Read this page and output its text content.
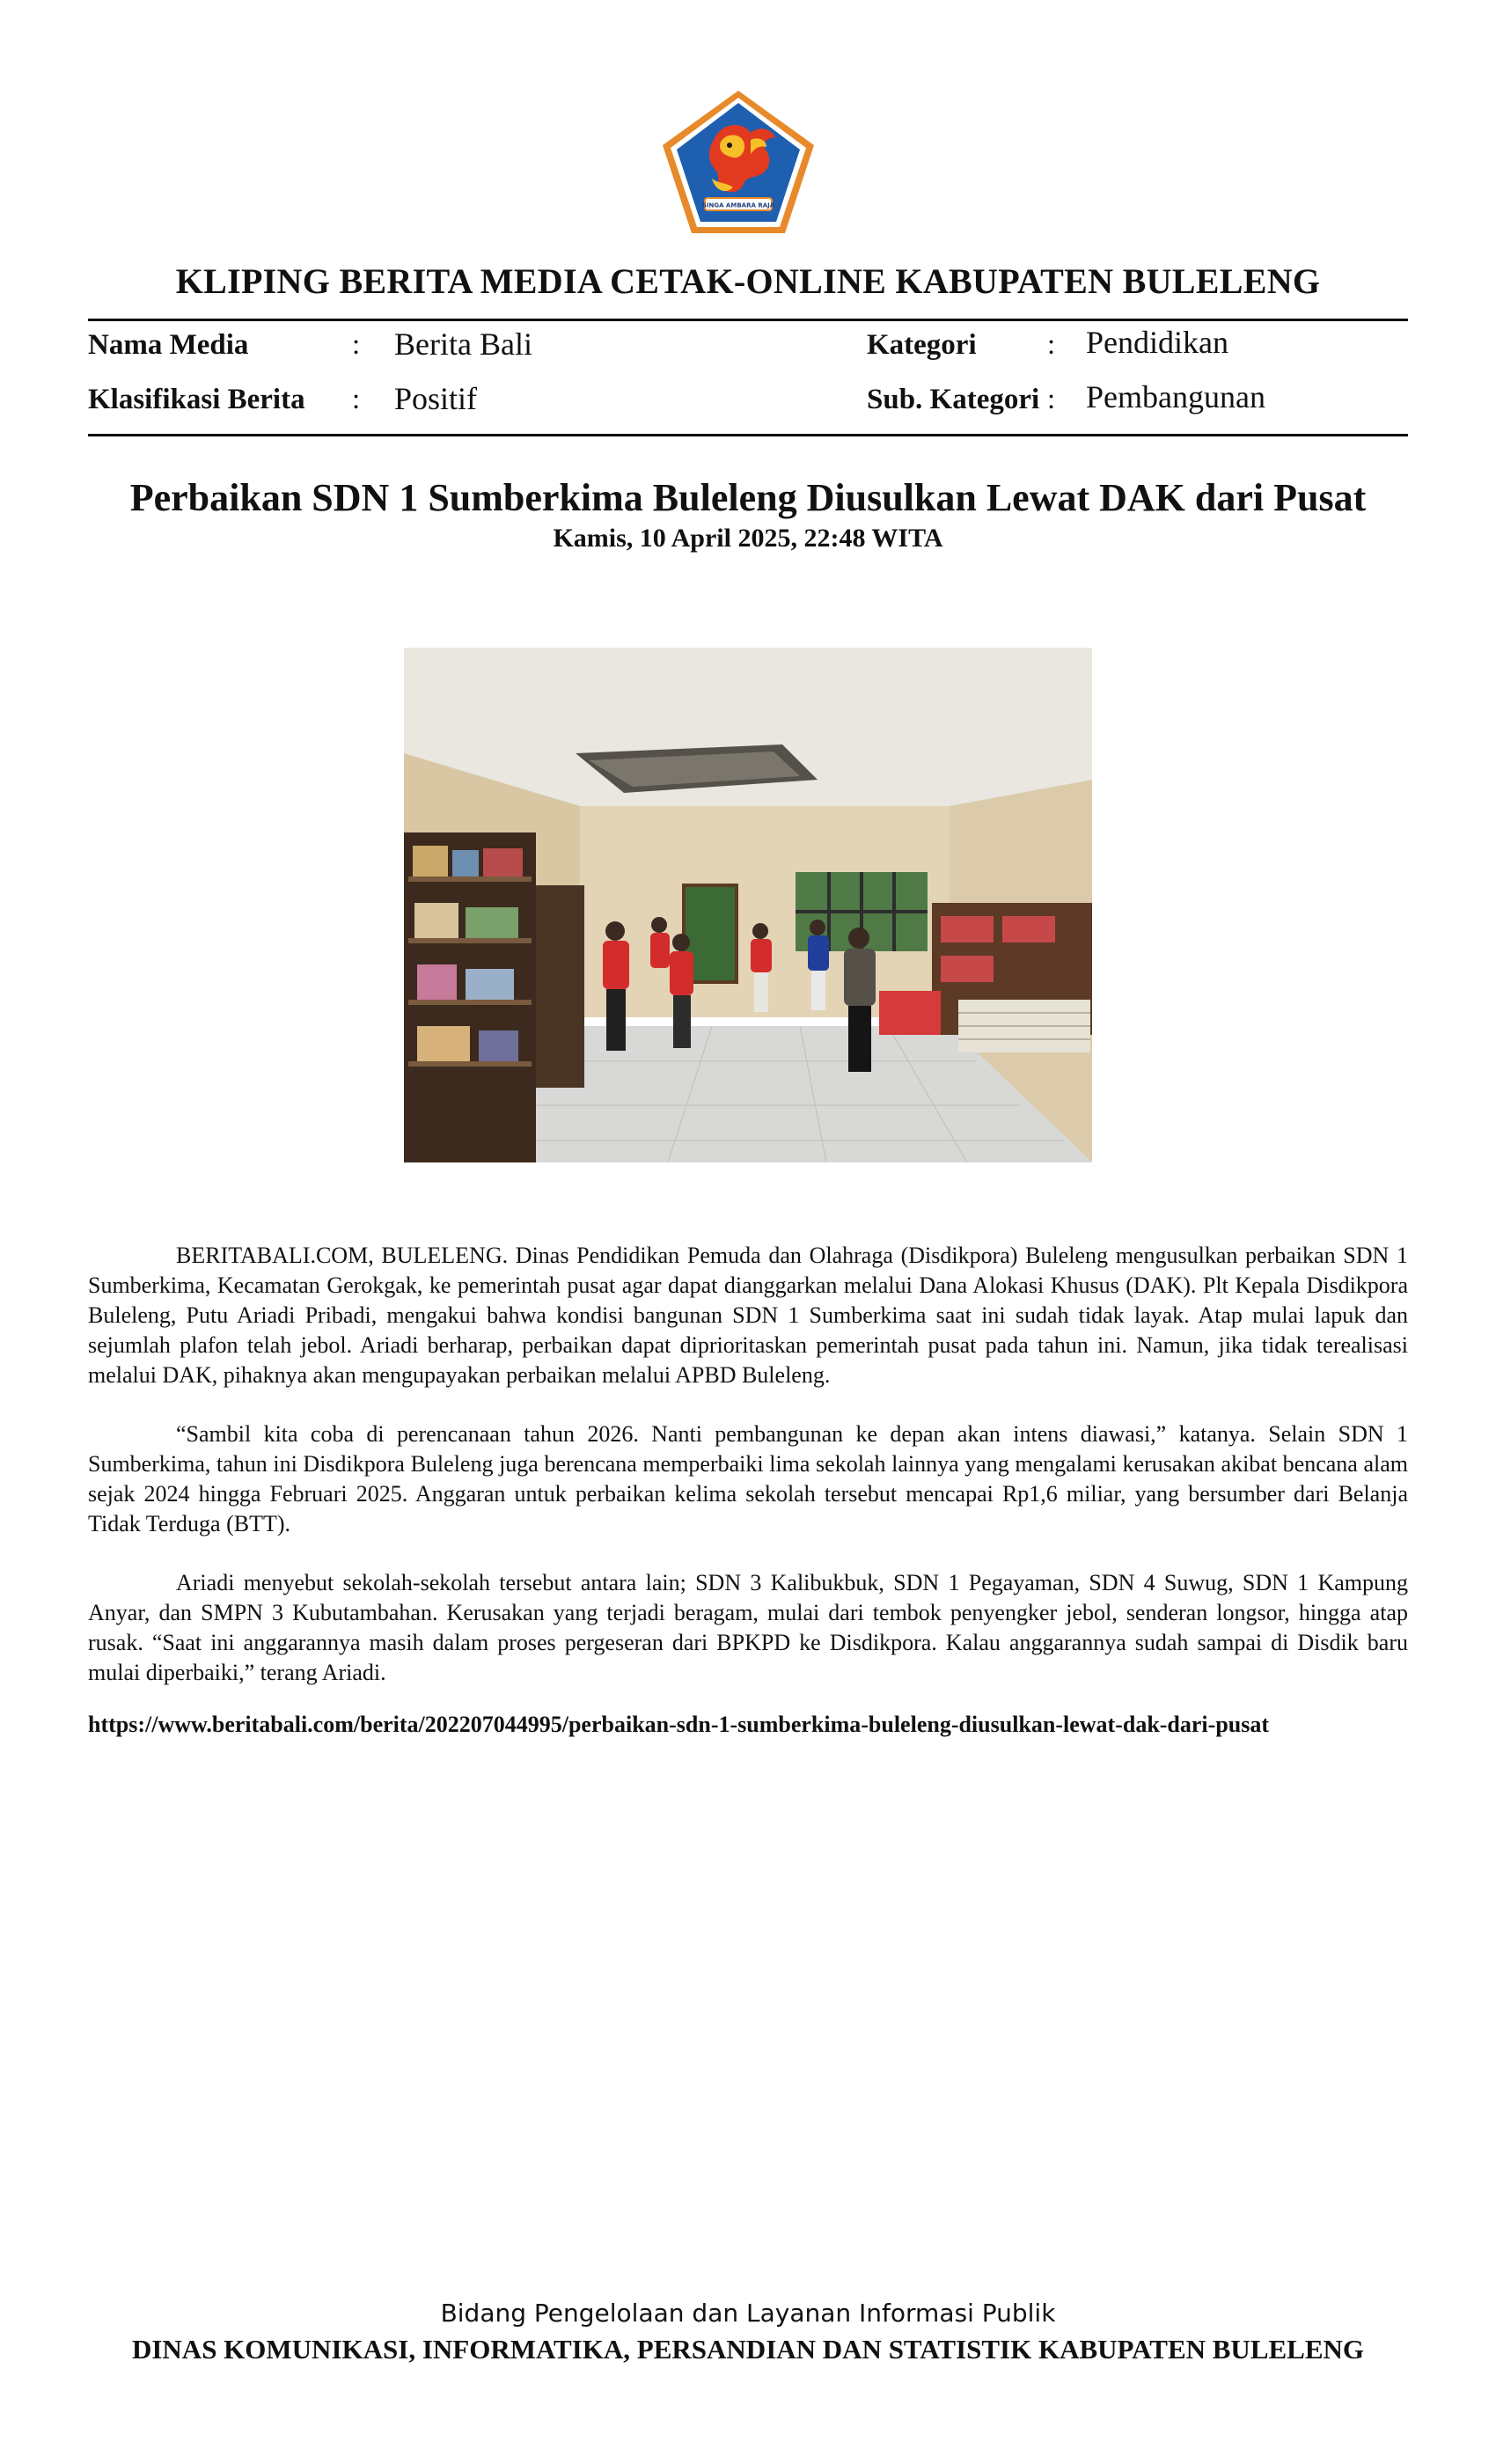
SINGA AMBARA RAJA
KLIPING BERITA MEDIA CETAK-ONLINE KABUPATEN BULELENG
Nama Media	: Berita Bali
Klasifikasi Berita : Positif
Kategori : Pendidikan
Sub. Kategori : Pembangunan
Perbaikan SDN 1 Sumberkima Buleleng Diusulkan Lewat DAK dari Pusat
Kamis, 10 April 2025, 22:48 WITA

BERITABALI.COM, BULELENG. Dinas Pendidikan Pemuda dan Olahraga (Disdikpora) Buleleng mengusulkan perbaikan SDN 1 Sumberkima, Kecamatan Gerokgak, ke pemerintah pusat agar dapat dianggarkan melalui Dana Alokasi Khusus (DAK). Plt Kepala Disdikpora Buleleng, Putu Ariadi Pribadi, mengakui bahwa kondisi bangunan SDN 1 Sumberkima saat ini sudah tidak layak. Atap mulai lapuk dan sejumlah plafon telah jebol. Ariadi berharap, perbaikan dapat diprioritaskan pemerintah pusat pada tahun ini. Namun, jika tidak terealisasi melalui DAK, pihaknya akan mengupayakan perbaikan melalui APBD Buleleng.

“Sambil kita coba di perencanaan tahun 2026. Nanti pembangunan ke depan akan intens diawasi,” katanya. Selain SDN 1 Sumberkima, tahun ini Disdikpora Buleleng juga berencana memperbaiki lima sekolah lainnya yang mengalami kerusakan akibat bencana alam sejak 2024 hingga Februari 2025. Anggaran untuk perbaikan kelima sekolah tersebut mencapai Rp1,6 miliar, yang bersumber dari Belanja Tidak Terduga (BTT).

Ariadi menyebut sekolah-sekolah tersebut antara lain; SDN 3 Kalibukbuk, SDN 1 Pegayaman, SDN 4 Suwug, SDN 1 Kampung Anyar, dan SMPN 3 Kubutambahan. Kerusakan yang terjadi beragam, mulai dari tembok penyengker jebol, senderan longsor, hingga atap rusak. “Saat ini anggarannya masih dalam proses pergeseran dari BPKPD ke Disdikpora. Kalau anggarannya sudah sampai di Disdik baru mulai diperbaiki,” terang Ariadi.

https://www.beritabali.com/berita/202207044995/perbaikan-sdn-1-sumberkima-buleleng-diusulkan-lewat-dak-dari-pusat
Bidang Pengelolaan dan Layanan Informasi Publik
DINAS KOMUNIKASI, INFORMATIKA, PERSANDIAN DAN STATISTIK KABUPATEN BULELENG
